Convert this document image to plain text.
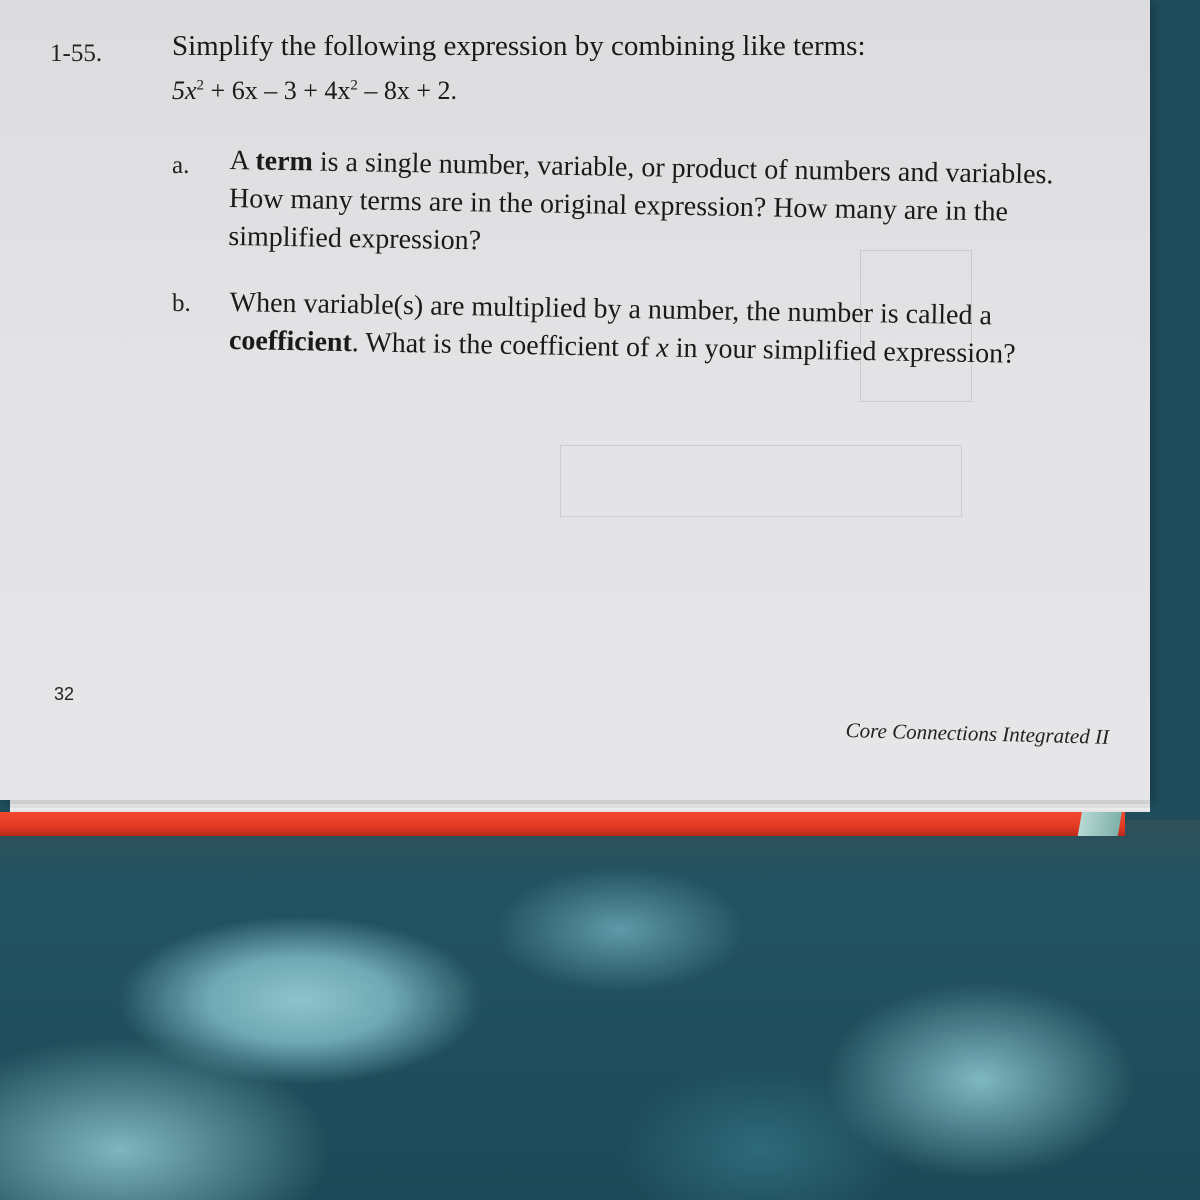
1-55. Simplify the following expression by combining like terms:
$5x^2 + 6x - 3 + 4x^2 - 8x + 2$.
a. A term is a single number, variable, or product of numbers and variables.
How many terms are in the original expression? How many are in the
simplified expression?
b. When variable(s) are multiplied by a number, the number is called a
coefficient. What is the coefficient of x in your simplified expression?
32
Core Connections Integrated II
